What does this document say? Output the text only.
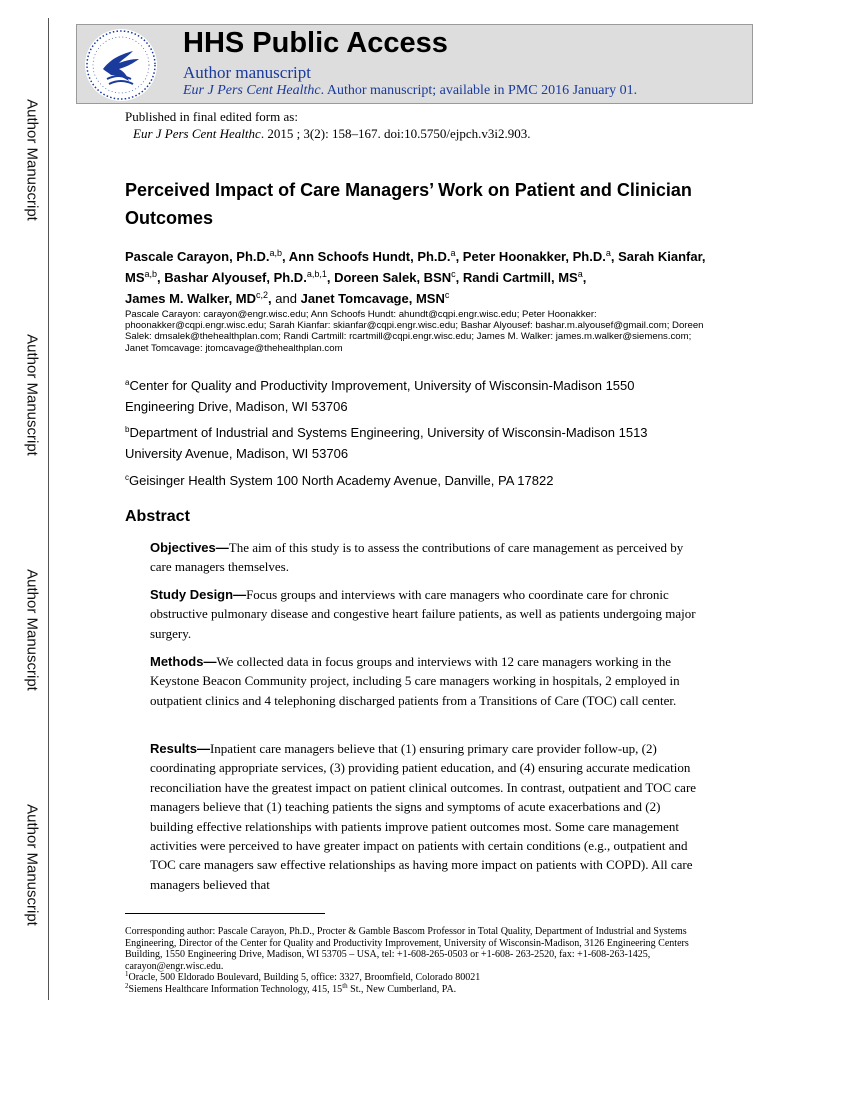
Author Manuscript
Author Manuscript
Author Manuscript
Author Manuscript
HHS Public Access
Author manuscript
Eur J Pers Cent Healthc. Author manuscript; available in PMC 2016 January 01.
Published in final edited form as:
Eur J Pers Cent Healthc. 2015 ; 3(2): 158–167. doi:10.5750/ejpch.v3i2.903.
Perceived Impact of Care Managers’ Work on Patient and Clinician Outcomes
Pascale Carayon, Ph.D.$^{a,b}$, Ann Schoofs Hundt, Ph.D.$^a$, Peter Hoonakker, Ph.D.$^a$, Sarah Kianfar, MS$^{a,b}$, Bashar Alyousef, Ph.D.$^{a,b,1}$, Doreen Salek, BSN$^c$, Randi Cartmill, $MS^a$, James M. Walker, MD$^{c,2}$, and Janet Tomcavage, MSN$^c$
Pascale Carayon: carayon@engr.wisc.edu; Ann Schoofs Hundt: ahundt@cqpi.engr.wisc.edu; Peter Hoonakker: phoonakker@cqpi.engr.wisc.edu; Sarah Kianfar: skianfar@cqpi.engr.wisc.edu; Bashar Alyousef: bashar.m.alyousef@gmail.com; Doreen Salek: dmsalek@thehealthplan.com; Randi Cartmill: rcartmill@cqpi.engr.wisc.edu; James M. Walker: james.m.walker@siemens.com; Janet Tomcavage: jtomcavage@thehealthplan.com
$^a$Center for Quality and Productivity Improvement, University of Wisconsin-Madison 1550 Engineering Drive, Madison, WI 53706
$^b$Department of Industrial and Systems Engineering, University of Wisconsin-Madison 1513 University Avenue, Madison, WI 53706
$^c$Geisinger Health System 100 North Academy Avenue, Danville, PA 17822
Abstract
Objectives—The aim of this study is to assess the contributions of care management as perceived by care managers themselves.
Study Design—Focus groups and interviews with care managers who coordinate care for chronic obstructive pulmonary disease and congestive heart failure patients, as well as patients undergoing major surgery.
Methods—We collected data in focus groups and interviews with 12 care managers working in the Keystone Beacon Community project, including 5 care managers working in hospitals, 2 employed in outpatient clinics and 4 telephoning discharged patients from a Transitions of Care (TOC) call center.
Results—Inpatient care managers believe that (1) ensuring primary care provider follow-up, (2) coordinating appropriate services, (3) providing patient education, and (4) ensuring accurate medication reconciliation have the greatest impact on patient clinical outcomes. In contrast, outpatient and TOC care managers believe that (1) teaching patients the signs and symptoms of acute exacerbations and (2) building effective relationships with patients improve patient outcomes most. Some care management activities were perceived to have greater impact on patients with certain conditions (e.g., outpatient and TOC care managers saw effective relationships as having more impact on patients with COPD). All care managers believed that
Corresponding author: Pascale Carayon, Ph.D., Procter & Gamble Bascom Professor in Total Quality, Department of Industrial and Systems Engineering, Director of the Center for Quality and Productivity Improvement, University of Wisconsin-Madison, 3126 Engineering Centers Building, 1550 Engineering Drive, Madison, WI 53705 – USA, tel: +1-608-265-0503 or +1-608- 263-2520, fax: +1-608-263-1425, carayon@engr.wisc.edu.
$^1$Oracle, 500 Eldorado Boulevard, Building 5, office: 3327, Broomfield, Colorado 80021
$^2$Siemens Healthcare Information Technology, 415, 15th St., New Cumberland, PA.
